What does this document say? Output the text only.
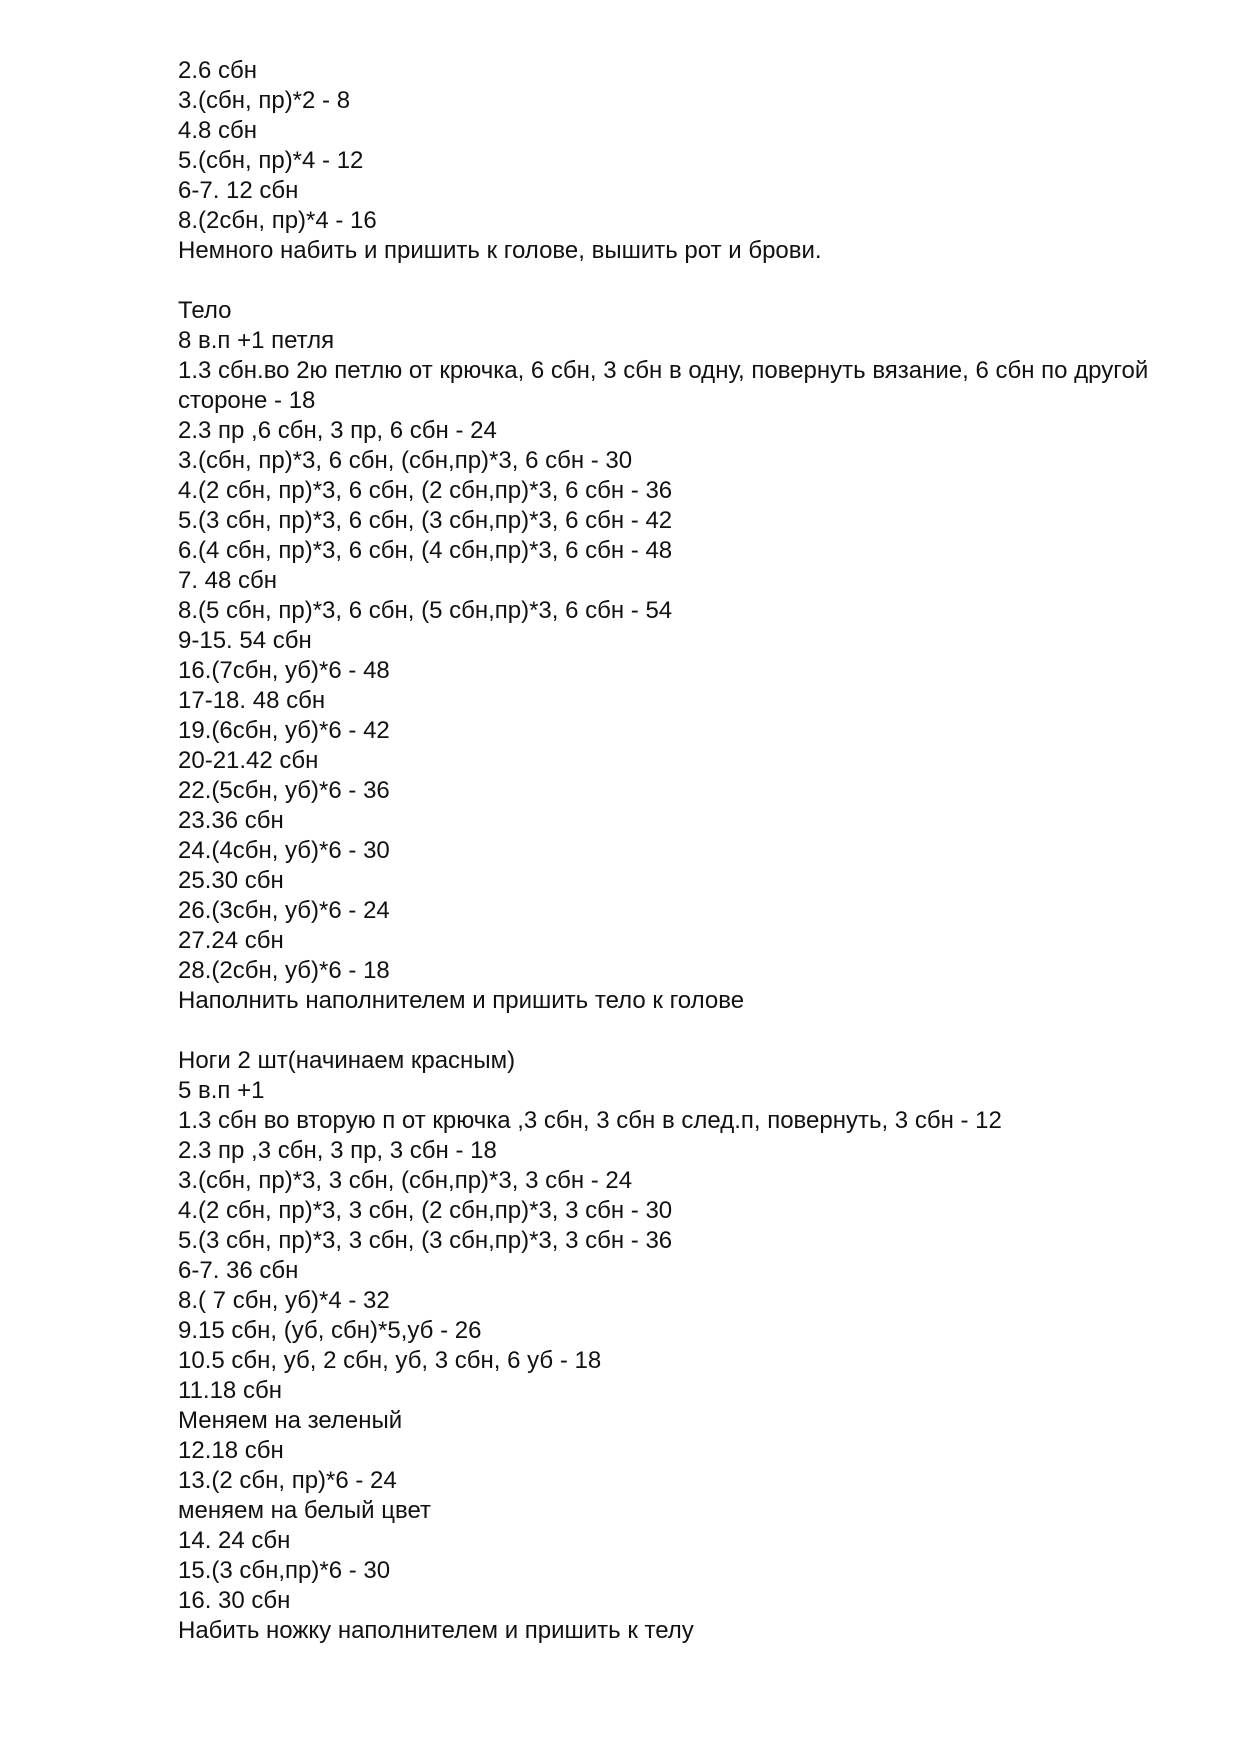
2.6 сбн
3.(сбн, пр)*2 - 8
4.8 сбн
5.(сбн, пр)*4 - 12
6-7. 12 сбн
8.(2сбн, пр)*4 - 16
Немного набить и пришить к голове, вышить рот и брови.
Тело
8 в.п +1 петля
1.3 сбн.во 2ю петлю от крючка, 6 сбн, 3 сбн в одну, повернуть вязание, 6 сбн по другой стороне - 18
2.3 пр ,6 сбн, 3 пр, 6 сбн - 24
3.(сбн, пр)*3, 6 сбн, (сбн,пр)*3, 6 сбн - 30
4.(2 сбн, пр)*3, 6 сбн, (2 сбн,пр)*3, 6 сбн - 36
5.(3 сбн, пр)*3, 6 сбн, (3 сбн,пр)*3, 6 сбн - 42
6.(4 сбн, пр)*3, 6 сбн, (4 сбн,пр)*3, 6 сбн - 48
7. 48 сбн
8.(5 сбн, пр)*3, 6 сбн, (5 сбн,пр)*3, 6 сбн - 54
9-15. 54 сбн
16.(7сбн, уб)*6 - 48
17-18. 48 сбн
19.(6сбн, уб)*6 - 42
20-21.42 сбн
22.(5сбн, уб)*6 - 36
23.36 сбн
24.(4сбн, уб)*6 - 30
25.30 сбн
26.(3сбн, уб)*6 - 24
27.24 сбн
28.(2сбн, уб)*6 - 18
Наполнить наполнителем и пришить тело к голове
Ноги 2 шт(начинаем красным)
5 в.п +1
1.3 сбн во вторую п от крючка ,3 сбн, 3 сбн в след.п, повернуть, 3 сбн - 12
2.3 пр ,3 сбн, 3 пр, 3 сбн - 18
3.(сбн, пр)*3, 3 сбн, (сбн,пр)*3, 3 сбн - 24
4.(2 сбн, пр)*3, 3 сбн, (2 сбн,пр)*3, 3 сбн - 30
5.(3 сбн, пр)*3, 3 сбн, (3 сбн,пр)*3, 3 сбн - 36
6-7. 36 сбн
8.( 7 сбн, уб)*4 - 32
9.15 сбн, (уб, сбн)*5,уб - 26
10.5 сбн, уб, 2 сбн, уб, 3 сбн, 6 уб - 18
11.18 сбн
Меняем на зеленый
12.18 сбн
13.(2 сбн, пр)*6 - 24
меняем на белый цвет
14. 24 сбн
15.(3 сбн,пр)*6 - 30
16. 30 сбн
Набить ножку наполнителем и пришить к телу
